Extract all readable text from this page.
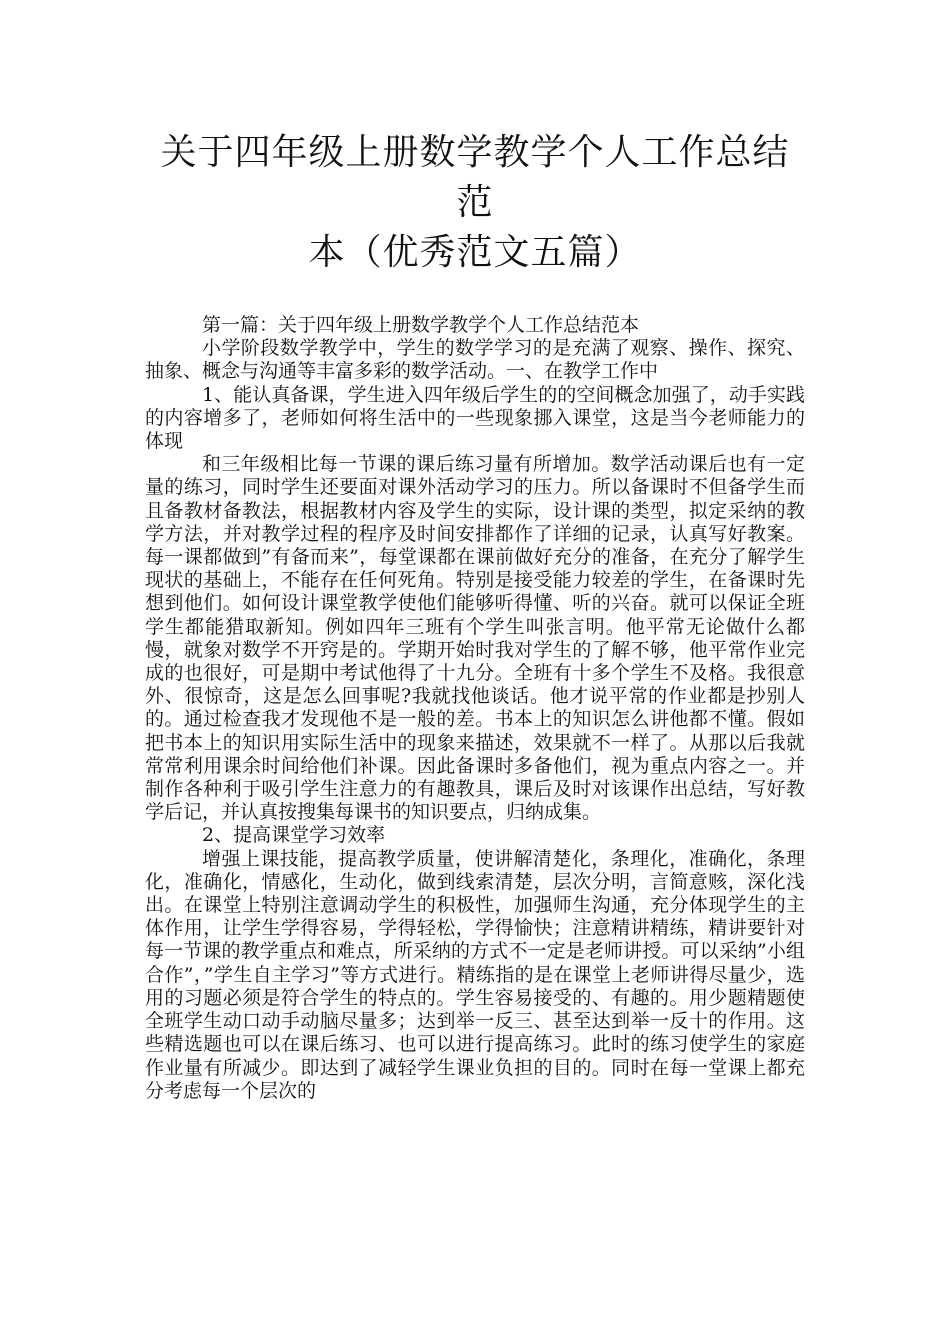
关于四年级上册数学教学个人工作总结范
本（优秀范文五篇）

第一篇：关于四年级上册数学教学个人工作总结范本

小学阶段数学教学中，学生的数学学习的是充满了观察、操作、探究、抽象、概念与沟通等丰富多彩的数学活动。一、在教学工作中

1、能认真备课，学生进入四年级后学生的的空间概念加强了，动手实践的内容增多了，老师如何将生活中的一些现象挪入课堂，这是当今老师能力的体现

和三年级相比每一节课的课后练习量有所增加。数学活动课后也有一定量的练习，同时学生还要面对课外活动学习的压力。所以备课时不但备学生而且备教材备教法，根据教材内容及学生的实际，设计课的类型，拟定采纳的教学方法，并对教学过程的程序及时间安排都作了详细的记录，认真写好教案。每一课都做到”有备而来”，每堂课都在课前做好充分的准备，在充分了解学生现状的基础上，不能存在任何死角。特别是接受能力较差的学生，在备课时先想到他们。如何设计课堂教学使他们能够听得懂、听的兴奋。就可以保证全班学生都能猎取新知。例如四年三班有个学生叫张言明。他平常无论做什么都慢，就象对数学不开窍是的。学期开始时我对学生的了解不够，他平常作业完成的也很好，可是期中考试他得了十九分。全班有十多个学生不及格。我很意外、很惊奇，这是怎么回事呢?我就找他谈话。他才说平常的作业都是抄别人的。通过检查我才发现他不是一般的差。书本上的知识怎么讲他都不懂。假如把书本上的知识用实际生活中的现象来描述，效果就不一样了。从那以后我就常常利用课余时间给他们补课。因此备课时多备他们，视为重点内容之一。并制作各种利于吸引学生注意力的有趣教具，课后及时对该课作出总结，写好教学后记，并认真按搜集每课书的知识要点，归纳成集。

2、提高课堂学习效率

增强上课技能，提高教学质量，使讲解清楚化，条理化，准确化，条理化，准确化，情感化，生动化，做到线索清楚，层次分明，言简意赅，深化浅出。在课堂上特别注意调动学生的积极性，加强师生沟通，充分体现学生的主体作用，让学生学得容易，学得轻松，学得愉快；注意精讲精练，精讲要针对每一节课的教学重点和难点，所采纳的方式不一定是老师讲授。可以采纳”小组合作”，”学生自主学习”等方式进行。精练指的是在课堂上老师讲得尽量少，选用的习题必须是符合学生的特点的。学生容易接受的、有趣的。用少题精题使全班学生动口动手动脑尽量多；达到举一反三、甚至达到举一反十的作用。这些精选题也可以在课后练习、也可以进行提高练习。此时的练习使学生的家庭作业量有所减少。即达到了减轻学生课业负担的目的。同时在每一堂课上都充分考虑每一个层次的
